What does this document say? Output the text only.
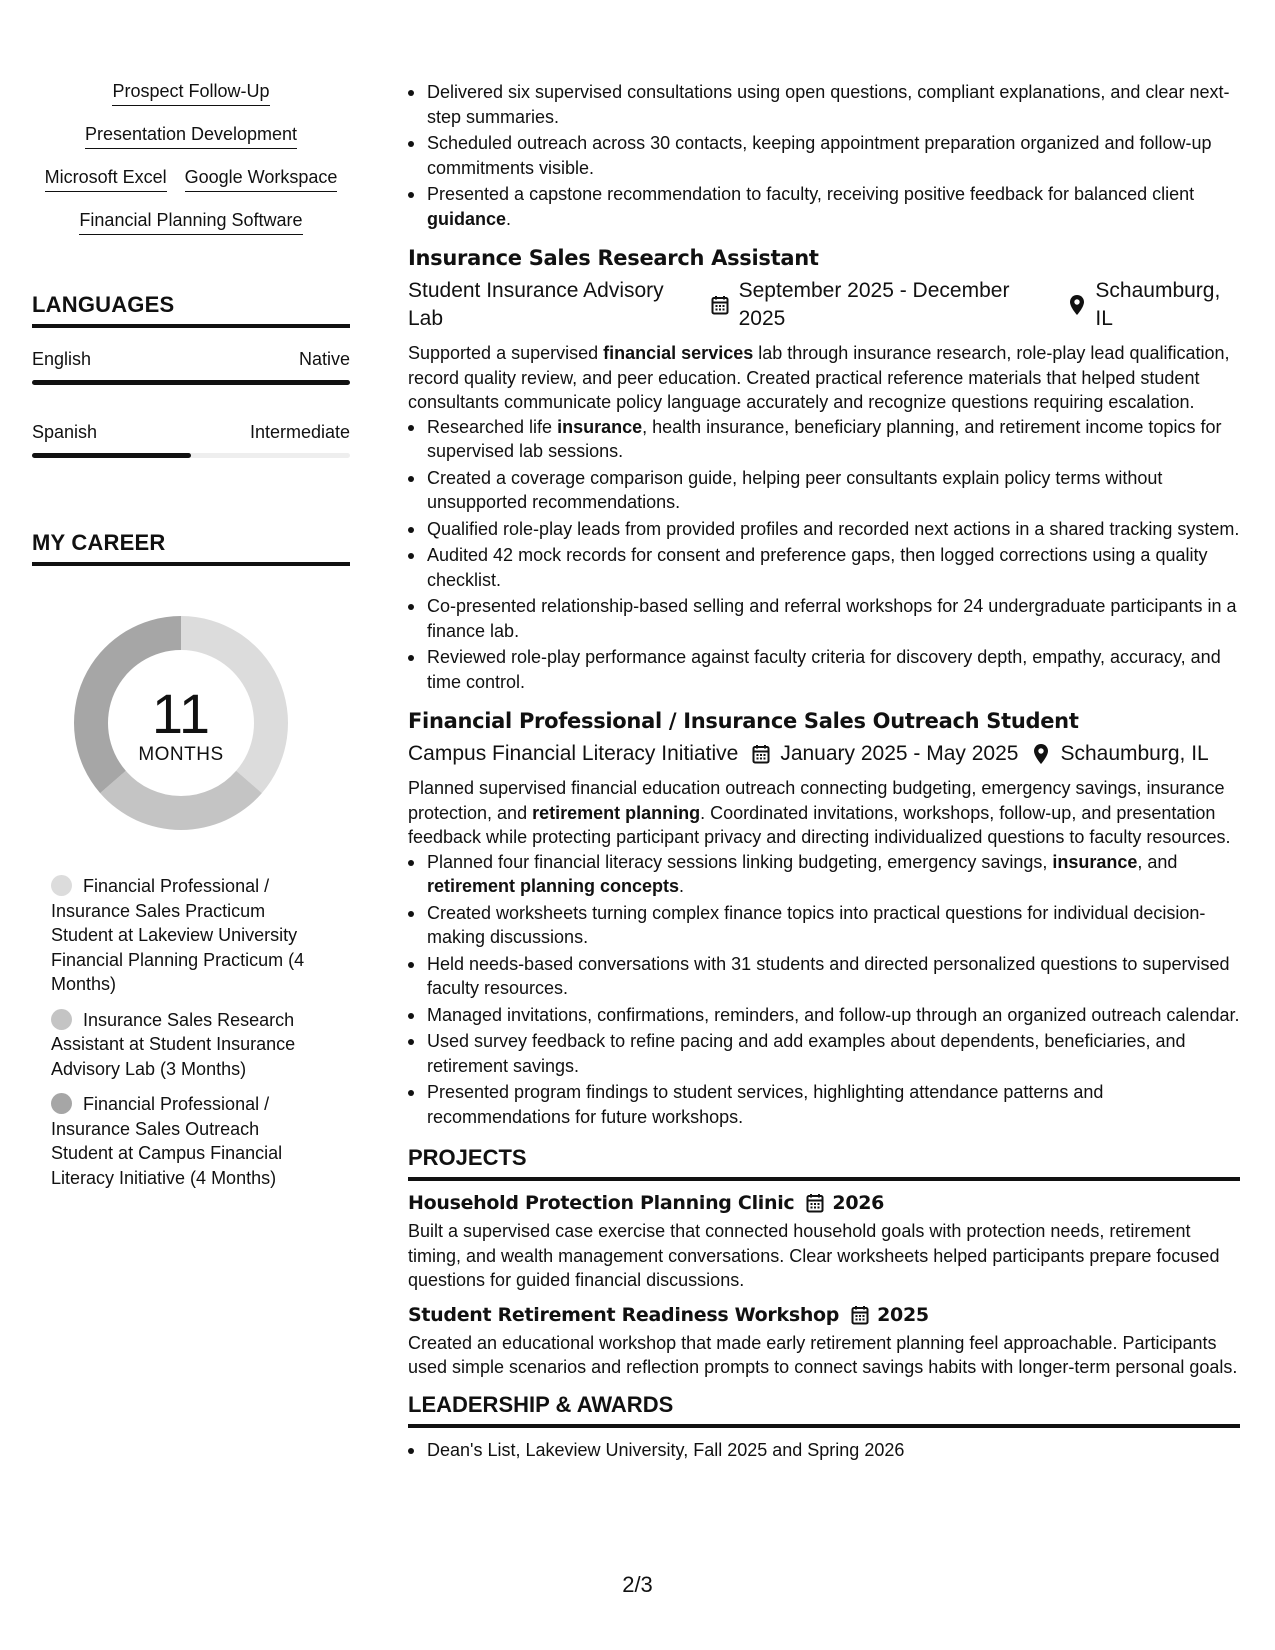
Prospect Follow-Up
Presentation Development
Microsoft Excel Google Workspace
Financial Planning Software
LANGUAGES
English	Native
Spanish	Intermediate
MY CAREER
11
MONTHS
Financial Professional / Insurance Sales Practicum Student at Lakeview University Financial Planning Practicum (4 Months)
Insurance Sales Research Assistant at Student Insurance Advisory Lab (3 Months)
Financial Professional / Insurance Sales Outreach Student at Campus Financial Literacy Initiative (4 Months)
Delivered six supervised consultations using open questions, compliant explanations, and clear next-step summaries.
Scheduled outreach across 30 contacts, keeping appointment preparation organized and follow-up commitments visible.
Presented a capstone recommendation to faculty, receiving positive feedback for balanced client guidance.
Insurance Sales Research Assistant
Student Insurance Advisory Lab
September 2025 - December 2025
Schaumburg, IL

Supported a supervised financial services lab through insurance research, role-play lead qualification, record quality review, and peer education. Created practical reference materials that helped student consultants communicate policy language accurately and recognize questions requiring escalation.

Researched life insurance, health insurance, beneficiary planning, and retirement income topics for supervised lab sessions.
Created a coverage comparison guide, helping peer consultants explain policy terms without unsupported recommendations.
Qualified role-play leads from provided profiles and recorded next actions in a shared tracking system.
Audited 42 mock records for consent and preference gaps, then logged corrections using a quality checklist.
Co-presented relationship-based selling and referral workshops for 24 undergraduate participants in a finance lab.
Reviewed role-play performance against faculty criteria for discovery depth, empathy, accuracy, and time control.
Financial Professional / Insurance Sales Outreach Student
Campus Financial Literacy Initiative January 2025 - May 2025 Schaumburg, IL

Planned supervised financial education outreach connecting budgeting, emergency savings, insurance protection, and retirement planning. Coordinated invitations, workshops, follow-up, and presentation feedback while protecting participant privacy and directing individualized questions to faculty resources.

Planned four financial literacy sessions linking budgeting, emergency savings, insurance, and retirement planning concepts.
Created worksheets turning complex finance topics into practical questions for individual decision-making discussions.
Held needs-based conversations with 31 students and directed personalized questions to supervised faculty resources.
Managed invitations, confirmations, reminders, and follow-up through an organized outreach calendar.
Used survey feedback to refine pacing and add examples about dependents, beneficiaries, and retirement savings.
Presented program findings to student services, highlighting attendance patterns and recommendations for future workshops.
PROJECTS
Household Protection Planning Clinic 2026

Built a supervised case exercise that connected household goals with protection needs, retirement timing, and wealth management conversations. Clear worksheets helped participants prepare focused questions for guided financial discussions.

Student Retirement Readiness Workshop 2025

Created an educational workshop that made early retirement planning feel approachable. Participants used simple scenarios and reflection prompts to connect savings habits with longer-term personal goals.

LEADERSHIP & AWARDS
Dean's List, Lakeview University, Fall 2025 and Spring 2026
2/3
